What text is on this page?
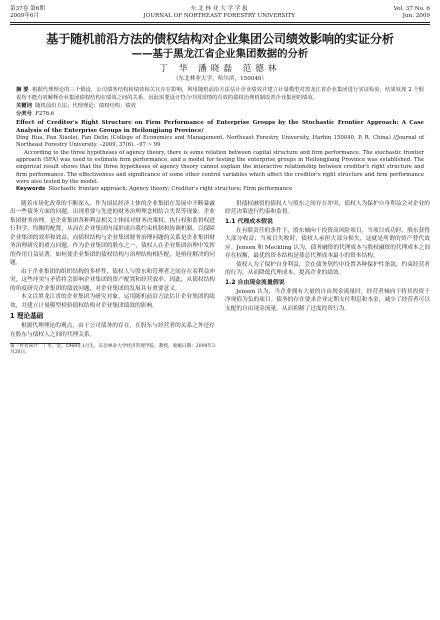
第37卷 第6期
2009年6月
东 北 林 业 大 学 学 报
JOURNAL OF NORTHEAST FORESTRY UNIVERSITY
Vol. 37 No. 6
Jun. 2009
基于随机前沿方法的债权结构对企业集团公司绩效影响的实证分析
——基于黑龙江省企业集团数据的分析
丁 华 潘晓磊 范德林
（东北林业大学，哈尔滨，150040）

摘 要 根据代理理论的三个假设，公司债务结构和绩效相关且存在影响，利用随机前沿方法估计企业绩效并建立计量模型对黑龙江省企业集团进行实证检验，结果发现 2 个假说均不能有效解释企业集团债权结构在绩效之间的关系，因此需要设计符合中国国情的有效的债权治理机制改善企业集团的绩效。

关键词 随机前沿方法；代理理论；债权结构；绩效

分类号 F276.6

Effect of Creditor's Right Structure on Firm Performance of Enterprise Groups by the Stochastic Frontier Approach: A Case Analysis of the Enterprise Groups in Heilongjiang Province/
Ding Hua, Pan Xiaolei, Fan Delin (College of Economics and Management, Northeast Forestry University, Harbin 150040, P. R. China) //Journal of Northeast Forestry University. –2009, 37(6). –97 ~ 99
According to the three hypotheses of agency theory, there is some relation between capital structure and firm performance. The stochastic frontier approach (SFA) was used to estimate firm performance, and a model for testing the enterprise groups in Heilongjiang Province was established. The empirical result shows that the three hypotheses of agency theory cannot explain the interactive relationship between creditor's right structure and firm performance. The effectiveness and significance of some other control variables which affect the creditor's right structure and firm performance were also tested by the model.
Keywords Stochastic frontier approach; Agency theory; Creditor's right structure; Firm performance

随着市场化改革的不断深入，作为国民经济主体的企业集团在发展中不断暴露出一些债务方面的问题，出现重要与先进的财务治理理念相结合失误等现象。企业集团财务治理，是企业集团各种利益相关主体间对财务决策权、执行权和监督权进行科学、均衡的配置，从而在企业集团内部形成自我约束机制和协调机制，以保障企业集团的效率和效益，而债权结构与企业集团财务治理问题的关系是企业集团财务治理研究的重点问题。作为企业集团的股东之一，债权人在企业集团治理中发挥的作用日益显著，如何使企业集团的债权结构与治理结构相匹配，是亟待解决的问题。

由于企业集团的组织结构的多样性，债权人与股东和管理者之间存在着利益冲突，这些冲突与矛盾将会影响企业集团的资产配置和经营效率。因此，从债权结构的角度研究企业集团的绩效问题，对企业集团的发展具有重要意义。

本文以黑龙江省的企业集团为研究对象，运用随机前沿方法估计企业集团的绩效，并建立计量模型检验债权结构对企业集团绩效的影响。

1 理论基础

根据代理理论的观点，由于公司债务的存在，在股东与经营者的关系之外还存在股东与债权人之间的代理关系。

第一作者简介：丁华，女，1968年1月生，东北林业大学经济管理学院，教授。收稿日期：2009年3月20日。

供债权融资的债权人与股东之间存在冲突，债权人为保护自身利益会对企业的经营决策进行约束和监督。

1.1 代理成本假说

在有限责任的条件下，股东倾向于投资高风险项目，当项目成功时，股东获得大部分收益；当项目失败时，债权人承担大部分损失，这就是所谓的资产替代效应。Jensen 和 Meckling 认为，债务融资的代理成本与股权融资的代理成本之间存在权衡，最优的资本结构是使总代理成本最小的资本结构。

债权人为了保护自身利益，会在债务契约中设置各种保护性条款，约束经营者的行为，从而降低代理成本，提高企业的绩效。

1.2 自由现金流量假说

Jensen 认为，当企业拥有大量的自由现金流量时，经营者倾向于将其投资于净现值为负的项目。债务的存在要求企业定期支付利息和本金，减少了经营者可以支配的自由现金流量，从而抑制了过度投资行为。
